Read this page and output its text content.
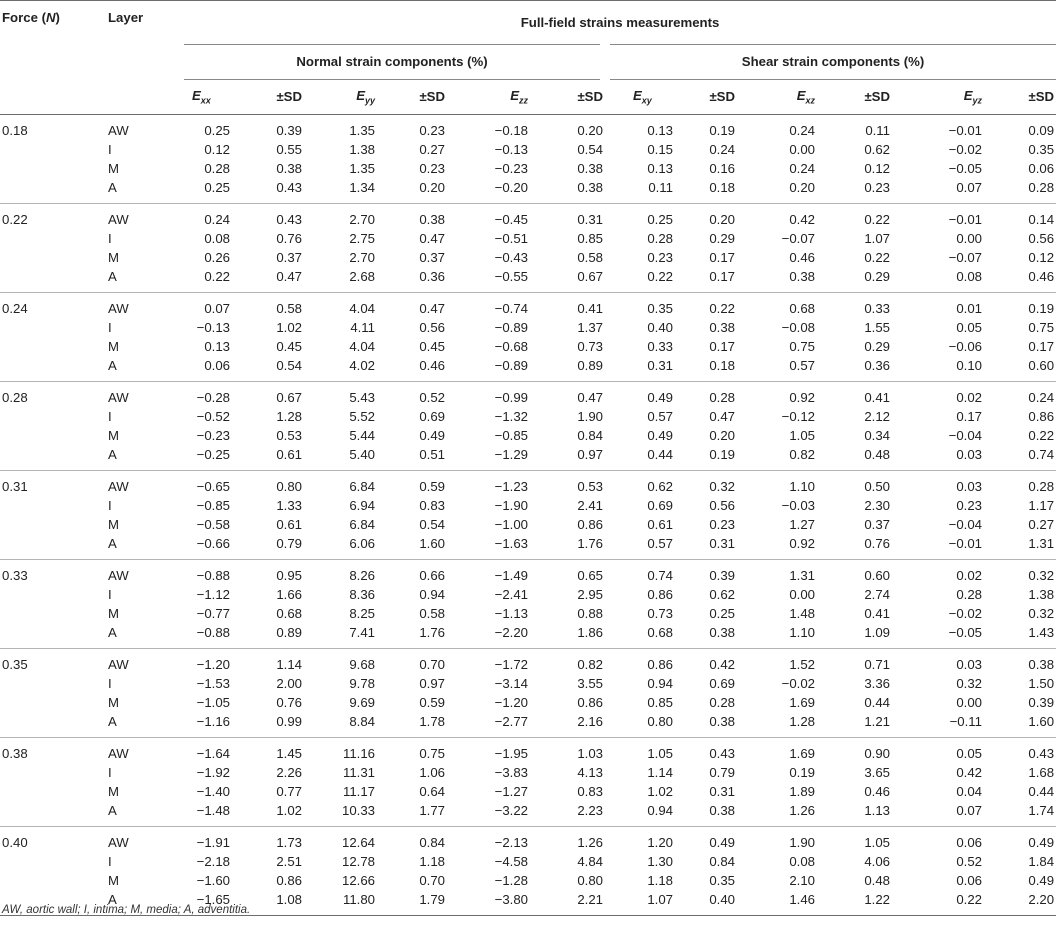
Force (N)	Layer	Full-field strains measurements											
		Normal strain components (%)						Shear strain components (%)					
		$E_{xx}$	±SD	$E_{yy}$	±SD	$E_{zz}$	±SD	$E_{xy}$	±SD	$E_{xz}$	±SD	$E_{yz}$	±SD
0.18	AW	0.25	0.39	1.35	0.23	−0.18	0.20	0.13	0.19	0.24	0.11	−0.01	0.09
	I	0.12	0.55	1.38	0.27	−0.13	0.54	0.15	0.24	0.00	0.62	−0.02	0.35
	M	0.28	0.38	1.35	0.23	−0.23	0.38	0.13	0.16	0.24	0.12	−0.05	0.06
	A	0.25	0.43	1.34	0.20	−0.20	0.38	0.11	0.18	0.20	0.23	0.07	0.28
0.22	AW	0.24	0.43	2.70	0.38	−0.45	0.31	0.25	0.20	0.42	0.22	−0.01	0.14
	I	0.08	0.76	2.75	0.47	−0.51	0.85	0.28	0.29	−0.07	1.07	0.00	0.56
	M	0.26	0.37	2.70	0.37	−0.43	0.58	0.23	0.17	0.46	0.22	−0.07	0.12
	A	0.22	0.47	2.68	0.36	−0.55	0.67	0.22	0.17	0.38	0.29	0.08	0.46
0.24	AW	0.07	0.58	4.04	0.47	−0.74	0.41	0.35	0.22	0.68	0.33	0.01	0.19
	I	−0.13	1.02	4.11	0.56	−0.89	1.37	0.40	0.38	−0.08	1.55	0.05	0.75
	M	0.13	0.45	4.04	0.45	−0.68	0.73	0.33	0.17	0.75	0.29	−0.06	0.17
	A	0.06	0.54	4.02	0.46	−0.89	0.89	0.31	0.18	0.57	0.36	0.10	0.60
0.28	AW	−0.28	0.67	5.43	0.52	−0.99	0.47	0.49	0.28	0.92	0.41	0.02	0.24
	I	−0.52	1.28	5.52	0.69	−1.32	1.90	0.57	0.47	−0.12	2.12	0.17	0.86
	M	−0.23	0.53	5.44	0.49	−0.85	0.84	0.49	0.20	1.05	0.34	−0.04	0.22
	A	−0.25	0.61	5.40	0.51	−1.29	0.97	0.44	0.19	0.82	0.48	0.03	0.74
0.31	AW	−0.65	0.80	6.84	0.59	−1.23	0.53	0.62	0.32	1.10	0.50	0.03	0.28
	I	−0.85	1.33	6.94	0.83	−1.90	2.41	0.69	0.56	−0.03	2.30	0.23	1.17
	M	−0.58	0.61	6.84	0.54	−1.00	0.86	0.61	0.23	1.27	0.37	−0.04	0.27
	A	−0.66	0.79	6.06	1.60	−1.63	1.76	0.57	0.31	0.92	0.76	−0.01	1.31
0.33	AW	−0.88	0.95	8.26	0.66	−1.49	0.65	0.74	0.39	1.31	0.60	0.02	0.32
	I	−1.12	1.66	8.36	0.94	−2.41	2.95	0.86	0.62	0.00	2.74	0.28	1.38
	M	−0.77	0.68	8.25	0.58	−1.13	0.88	0.73	0.25	1.48	0.41	−0.02	0.32
	A	−0.88	0.89	7.41	1.76	−2.20	1.86	0.68	0.38	1.10	1.09	−0.05	1.43
0.35	AW	−1.20	1.14	9.68	0.70	−1.72	0.82	0.86	0.42	1.52	0.71	0.03	0.38
	I	−1.53	2.00	9.78	0.97	−3.14	3.55	0.94	0.69	−0.02	3.36	0.32	1.50
	M	−1.05	0.76	9.69	0.59	−1.20	0.86	0.85	0.28	1.69	0.44	0.00	0.39
	A	−1.16	0.99	8.84	1.78	−2.77	2.16	0.80	0.38	1.28	1.21	−0.11	1.60
0.38	AW	−1.64	1.45	11.16	0.75	−1.95	1.03	1.05	0.43	1.69	0.90	0.05	0.43
	I	−1.92	2.26	11.31	1.06	−3.83	4.13	1.14	0.79	0.19	3.65	0.42	1.68
	M	−1.40	0.77	11.17	0.64	−1.27	0.83	1.02	0.31	1.89	0.46	0.04	0.44
	A	−1.48	1.02	10.33	1.77	−3.22	2.23	0.94	0.38	1.26	1.13	0.07	1.74
0.40	AW	−1.91	1.73	12.64	0.84	−2.13	1.26	1.20	0.49	1.90	1.05	0.06	0.49
	I	−2.18	2.51	12.78	1.18	−4.58	4.84	1.30	0.84	0.08	4.06	0.52	1.84
	M	−1.60	0.86	12.66	0.70	−1.28	0.80	1.18	0.35	2.10	0.48	0.06	0.49
	A	−1.65	1.08	11.80	1.79	−3.80	2.21	1.07	0.40	1.46	1.22	0.22	2.20
AW, aortic wall; I, intima; M, media; A, adventitia.
